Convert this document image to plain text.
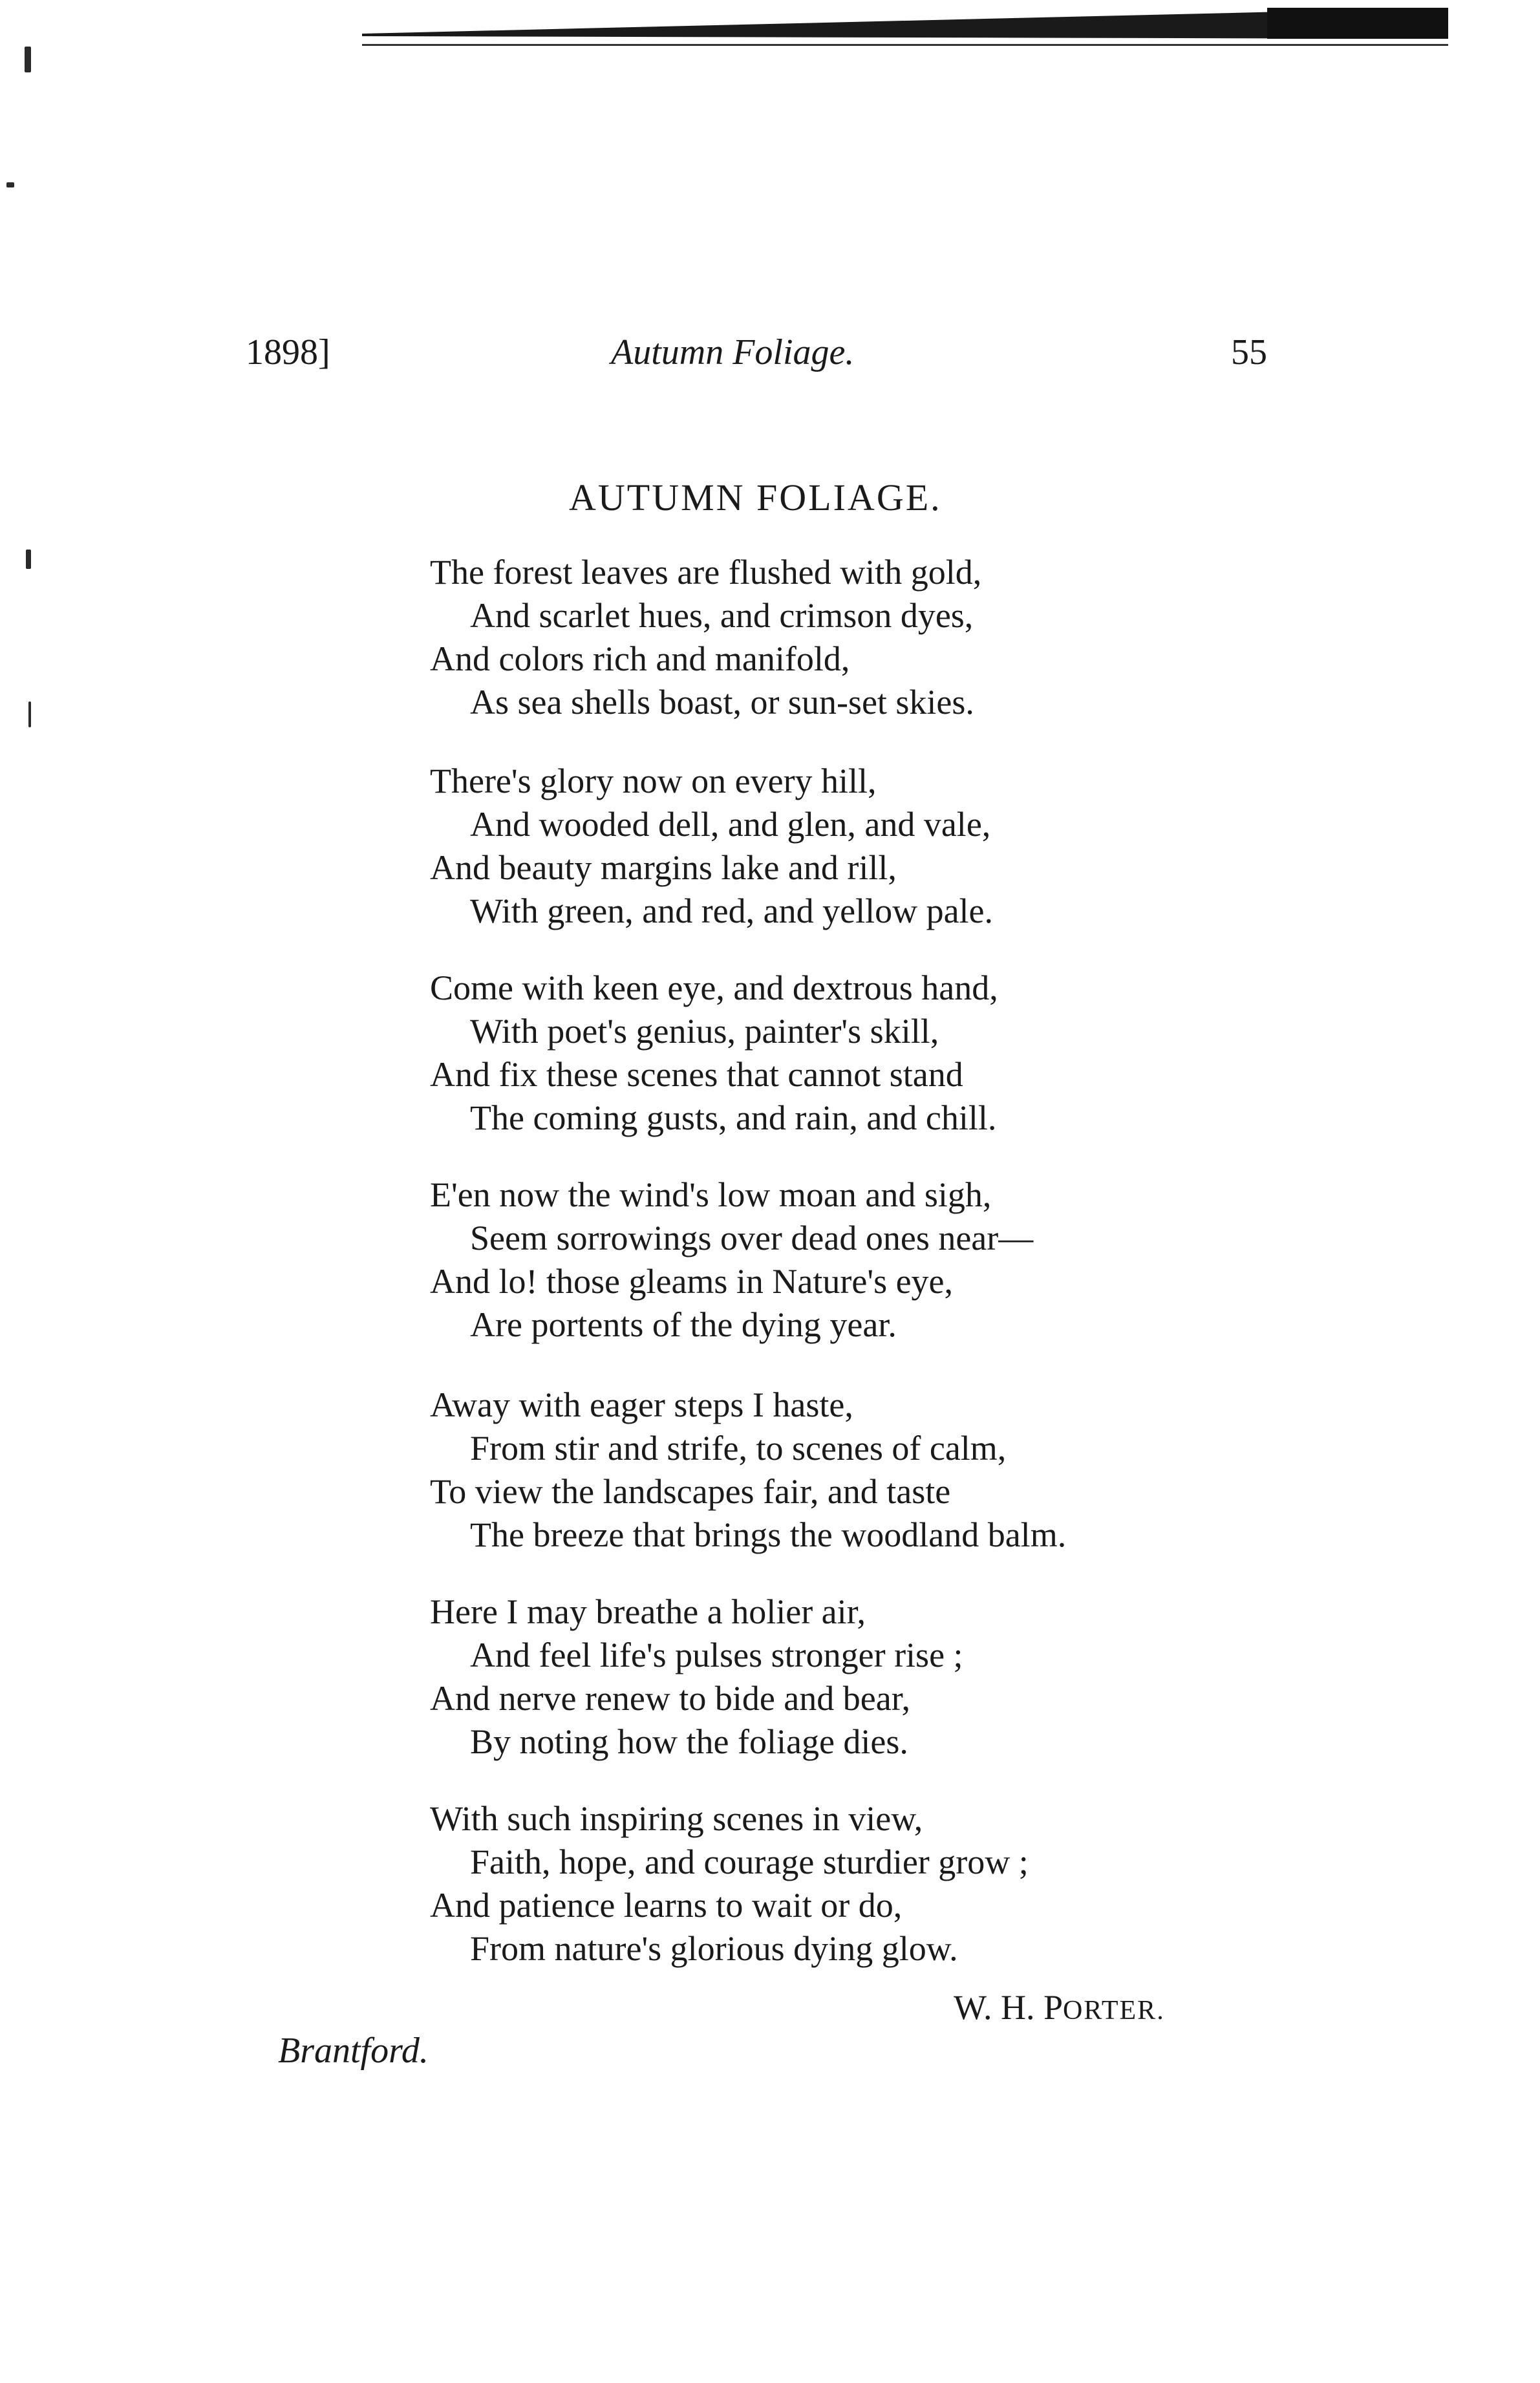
1898]	Autumn Foliage.	55
AUTUMN FOLIAGE.
The forest leaves are flushed with gold,
And scarlet hues, and crimson dyes,
And colors rich and manifold,
As sea shells boast, or sun-set skies.
There's glory now on every hill,
And wooded dell, and glen, and vale,
And beauty margins lake and rill,
With green, and red, and yellow pale.
Come with keen eye, and dextrous hand,
With poet's genius, painter's skill,
And fix these scenes that cannot stand
The coming gusts, and rain, and chill.
E'en now the wind's low moan and sigh,
Seem sorrowings over dead ones near—
And lo! those gleams in Nature's eye,
Are portents of the dying year.
Away with eager steps I haste,
From stir and strife, to scenes of calm,
To view the landscapes fair, and taste
The breeze that brings the woodland balm.
Here I may breathe a holier air,
And feel life's pulses stronger rise ;
And nerve renew to bide and bear,
By noting how the foliage dies.
With such inspiring scenes in view,
Faith, hope, and courage sturdier grow ;
And patience learns to wait or do,
From nature's glorious dying glow.
W. H. PORTER.
Brantford.
